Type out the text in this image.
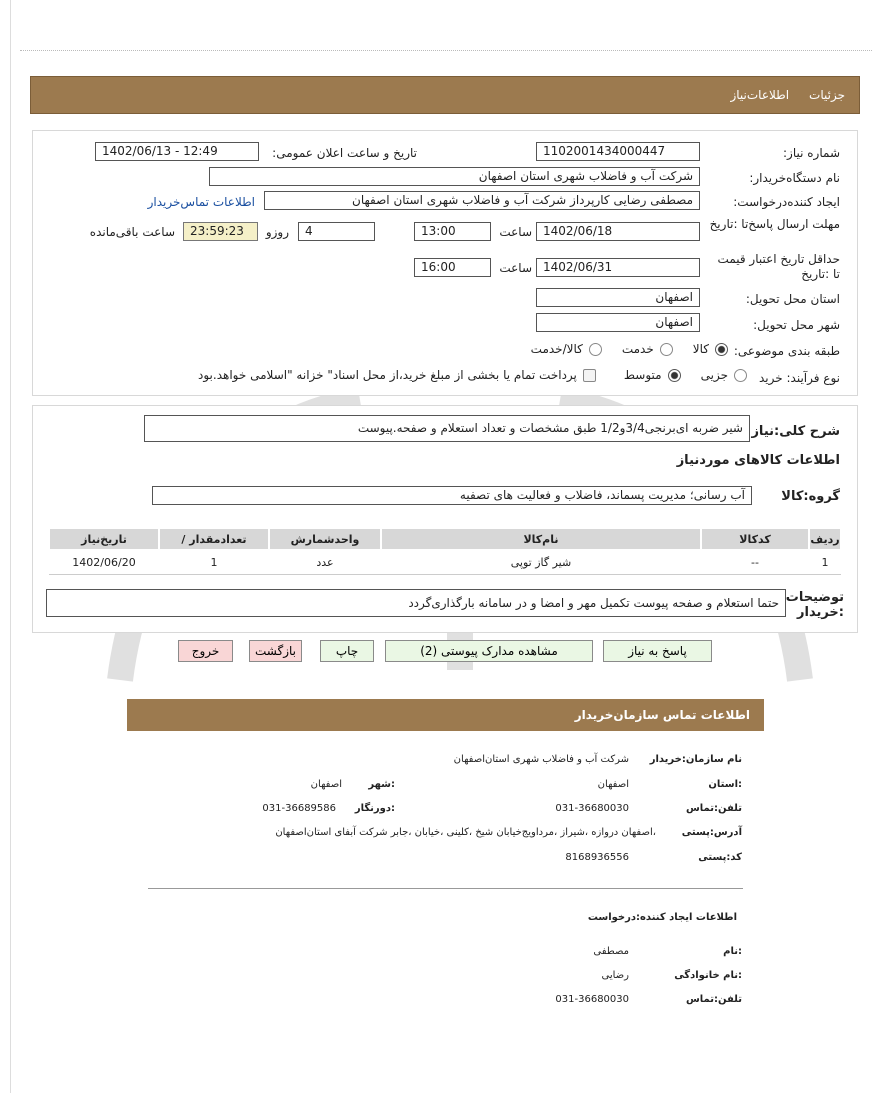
جزئیات
اطلاعات‌نیاز
شماره نیاز:
1102001434000447
تاریخ و ساعت اعلان عمومی:
1402/06/13 - 12:49
نام دستگاه‌خریدار:
شرکت آب و فاضلاب شهری استان اصفهان
ایجاد کننده‌درخواست:
مصطفی رضایی کارپرداز شرکت آب و فاضلاب شهری استان اصفهان
اطلاعات تماس‌خریدار
مهلت ارسال پاسخ‌تا :تاریخ
1402/06/18
ساعت
13:00
4
روزو
23:59:23
ساعت باقی‌مانده
حداقل تاریخ اعتبار قیمت تا :تاریخ
1402/06/31
ساعت
16:00
استان محل تحویل:
اصفهان
شهر محل تحویل:
اصفهان
طبقه بندی موضوعی:
کالا
خدمت
کالا/خدمت
نوع فرآیند: خرید
جزیی
متوسط
پرداخت تمام یا بخشی از مبلغ خرید،از محل اسناد" خزانه "اسلامی خواهد.بود
شرح کلی:نیاز
شیر ضربه ای‌برنجی3/4و1/2 طبق مشخصات و تعداد استعلام و صفحه.پیوست
اطلاعات کالاهای موردنیاز
گروه:کالا
آب رسانی؛ مدیریت پسماند، فاضلاب و فعالیت های تصفیه
ردیف	کدکالا	نام‌کالا	واحدشمارش	تعدادمقدار /	تاریخ‌نیاز
1	--	شیر گاز توپی	عدد	1	1402/06/20
توضیحات :خریدار
حتما استعلام و صفحه پیوست تکمیل مهر و امضا و در سامانه بارگذاری‌گردد
پاسخ به نیاز
مشاهده مدارک پیوستی (2)
چاپ
بازگشت
خروج
اطلاعات تماس سازمان‌خریدار
نام سازمان:خریدار
شرکت آب و فاضلاب شهری استان‌اصفهان
:استان
اصفهان
:شهر
اصفهان
تلفن:تماس
031-36680030
:دورنگار
031-36689586
آدرس:پستی
،اصفهان دروازه ،شیراز ،مرداویج‌خیابان شیخ ،کلینی ،خیابان ،جابر شرکت آبفای استان‌اصفهان
کد:پستی
8168936556
اطلاعات ایجاد کننده:درخواست
:نام
مصطفی
:نام خانوادگی
رضایی
تلفن:تماس
031-36680030
